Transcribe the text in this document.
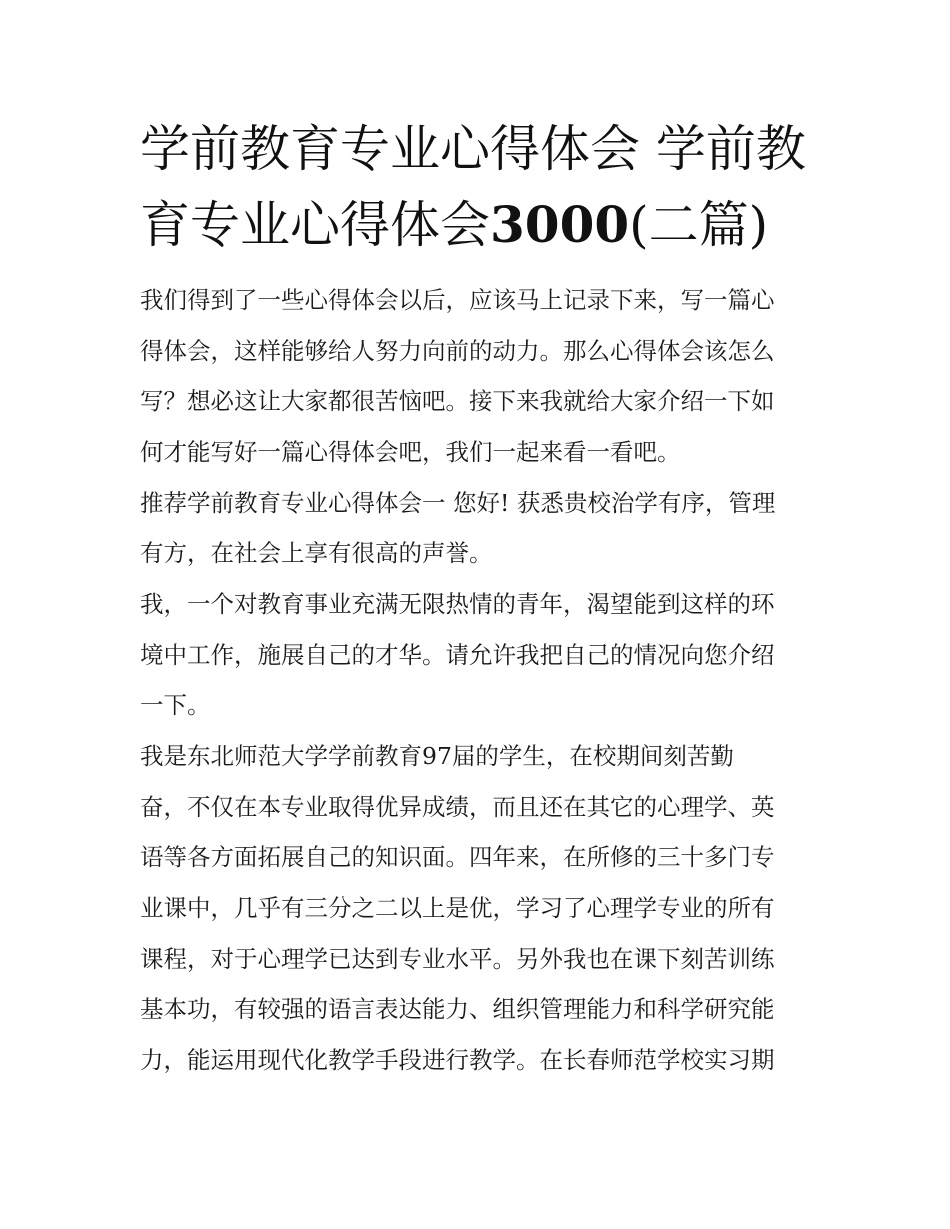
学前教育专业心得体会 学前教
育专业心得体会3000(二篇)

我们得到了一些心得体会以后，应该马上记录下来，写一篇心

得体会，这样能够给人努力向前的动力。那么心得体会该怎么

写？想必这让大家都很苦恼吧。接下来我就给大家介绍一下如

何才能写好一篇心得体会吧，我们一起来看一看吧。

推荐学前教育专业心得体会一 您好! 获悉贵校治学有序，管理

有方，在社会上享有很高的声誉。

我，一个对教育事业充满无限热情的青年，渴望能到这样的环

境中工作，施展自己的才华。请允许我把自己的情况向您介绍

一下。

我是东北师范大学学前教育97届的学生，在校期间刻苦勤

奋，不仅在本专业取得优异成绩，而且还在其它的心理学、英

语等各方面拓展自己的知识面。四年来，在所修的三十多门专

业课中，几乎有三分之二以上是优，学习了心理学专业的所有

课程，对于心理学已达到专业水平。另外我也在课下刻苦训练

基本功，有较强的语言表达能力、组织管理能力和科学研究能

力，能运用现代化教学手段进行教学。在长春师范学校实习期
